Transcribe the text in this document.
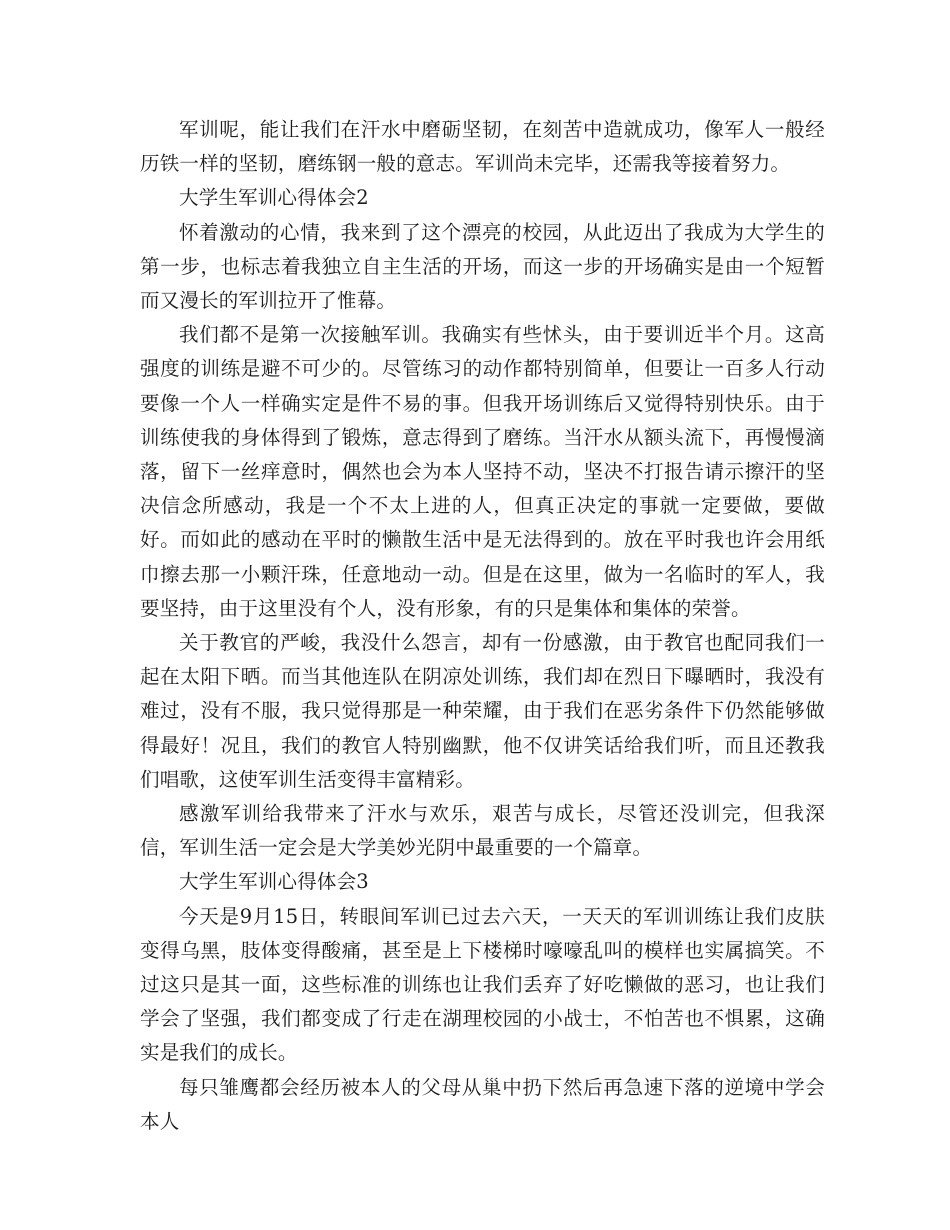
军训呢，能让我们在汗水中磨砺坚韧，在刻苦中造就成功，像军人一般经历铁一样的坚韧，磨练钢一般的意志。军训尚未完毕，还需我等接着努力。

大学生军训心得体会2

怀着激动的心情，我来到了这个漂亮的校园，从此迈出了我成为大学生的第一步，也标志着我独立自主生活的开场，而这一步的开场确实是由一个短暂而又漫长的军训拉开了惟幕。

我们都不是第一次接触军训。我确实有些怵头，由于要训近半个月。这高强度的训练是避不可少的。尽管练习的动作都特别简单，但要让一百多人行动要像一个人一样确实定是件不易的事。但我开场训练后又觉得特别快乐。由于训练使我的身体得到了锻炼，意志得到了磨练。当汗水从额头流下，再慢慢滴落，留下一丝痒意时，偶然也会为本人坚持不动，坚决不打报告请示擦汗的坚决信念所感动，我是一个不太上进的人，但真正决定的事就一定要做，要做好。而如此的感动在平时的懒散生活中是无法得到的。放在平时我也许会用纸巾擦去那一小颗汗珠，任意地动一动。但是在这里，做为一名临时的军人，我要坚持，由于这里没有个人，没有形象，有的只是集体和集体的荣誉。

关于教官的严峻，我没什么怨言，却有一份感激，由于教官也配同我们一起在太阳下晒。而当其他连队在阴凉处训练，我们却在烈日下曝晒时，我没有难过，没有不服，我只觉得那是一种荣耀，由于我们在恶劣条件下仍然能够做得最好！况且，我们的教官人特别幽默，他不仅讲笑话给我们听，而且还教我们唱歌，这使军训生活变得丰富精彩。

感激军训给我带来了汗水与欢乐，艰苦与成长，尽管还没训完，但我深信，军训生活一定会是大学美妙光阴中最重要的一个篇章。

大学生军训心得体会3

今天是9月15日，转眼间军训已过去六天，一天天的军训训练让我们皮肤变得乌黑，肢体变得酸痛，甚至是上下楼梯时嚎嚎乱叫的模样也实属搞笑。不过这只是其一面，这些标准的训练也让我们丢弃了好吃懒做的恶习，也让我们学会了坚强，我们都变成了行走在湖理校园的小战士，不怕苦也不惧累，这确实是我们的成长。

每只雏鹰都会经历被本人的父母从巢中扔下然后再急速下落的逆境中学会本人
